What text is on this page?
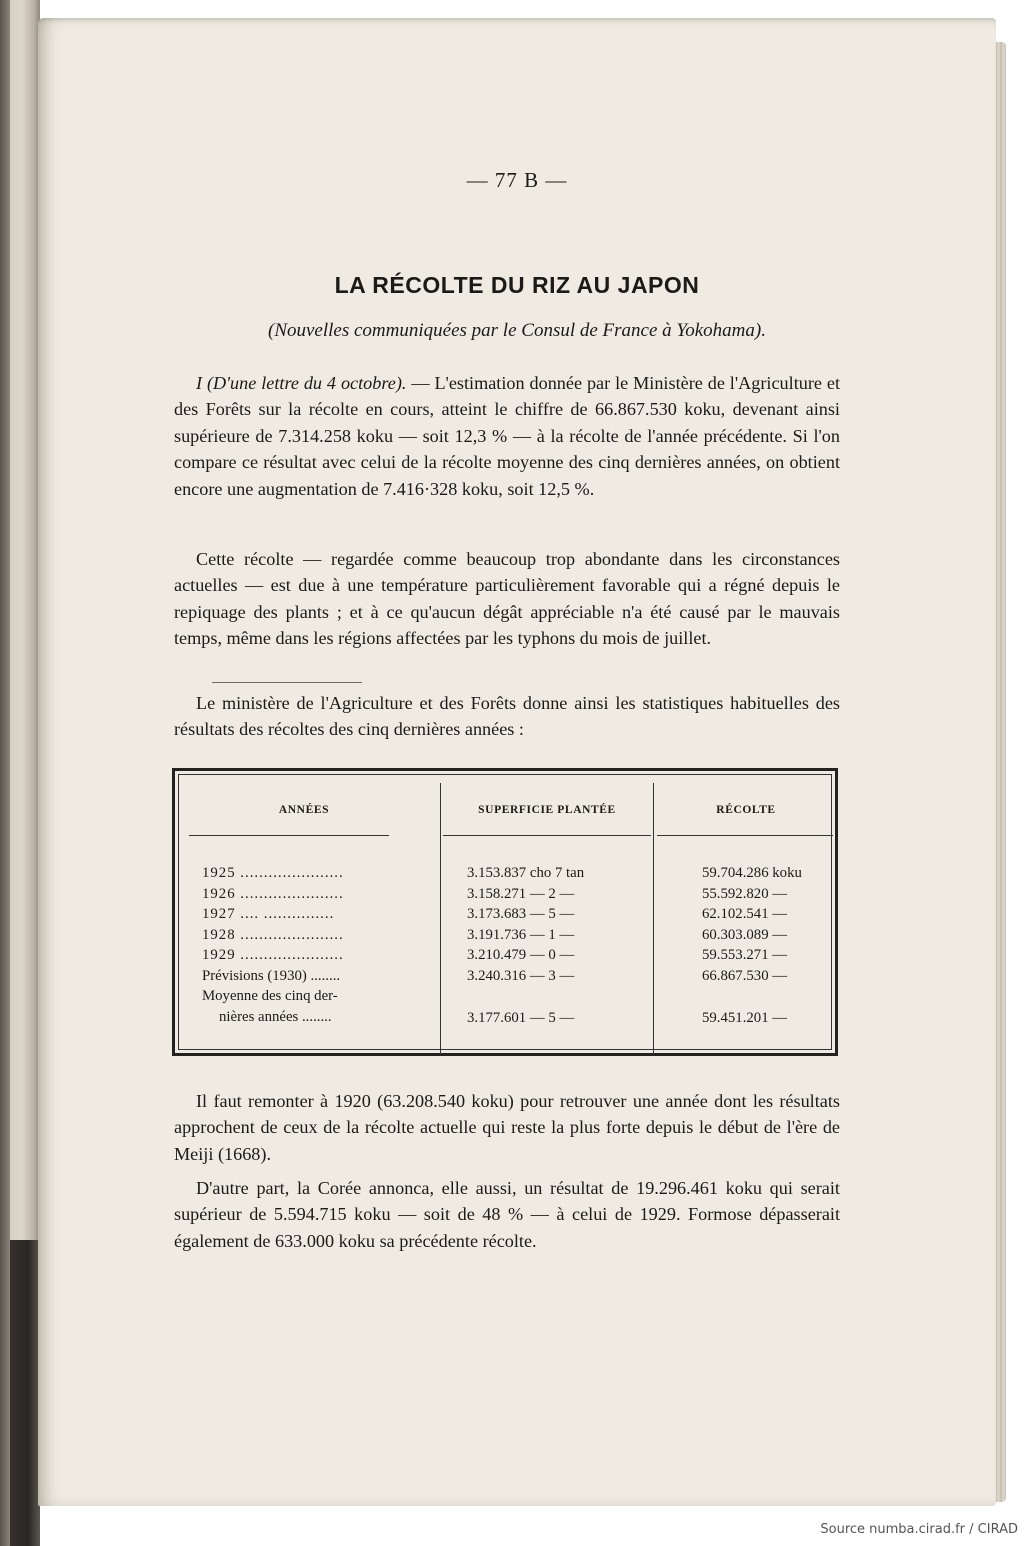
— 77 B —
LA RÉCOLTE DU RIZ AU JAPON
(Nouvelles communiquées par le Consul de France à Yokohama).

I (D'une lettre du 4 octobre). — L'estimation donnée par le Ministère de l'Agriculture et des Forêts sur la récolte en cours, atteint le chiffre de 66.867.530 koku, devenant ainsi supérieure de 7.314.258 koku — soit 12,3 % — à la récolte de l'année précédente. Si l'on compare ce résultat avec celui de la récolte moyenne des cinq dernières années, on obtient encore une augmentation de 7.416·328 koku, soit 12,5 %.

Cette récolte — regardée comme beaucoup trop abondante dans les circonstances actuelles — est due à une température particulièrement favorable qui a régné depuis le repiquage des plants ; et à ce qu'aucun dégât appréciable n'a été causé par le mauvais temps, même dans les régions affectées par les typhons du mois de juillet.

Le ministère de l'Agriculture et des Forêts donne ainsi les statistiques habituelles des résultats des récoltes des cinq dernières années :

ANNÉES	SUPERFICIE PLANTÉE	RÉCOLTE
1925 ......................	3.153.837 cho 7 tan	59.704.286 koku
1926 ......................	3.158.271 — 2 —	55.592.820 —
1927 .... ...............	3.173.683 — 5 —	62.102.541 —
1928 ......................	3.191.736 — 1 —	60.303.089 —
1929 ......................	3.210.479 — 0 —	59.553.271 —
Prévisions (1930) ........	3.240.316 — 3 —	66.867.530 —
Moyenne des cinq der-
nières années ........	3.177.601 — 5 —	59.451.201 —

Il faut remonter à 1920 (63.208.540 koku) pour retrouver une année dont les résultats approchent de ceux de la récolte actuelle qui reste la plus forte depuis le début de l'ère de Meiji (1668).

D'autre part, la Corée annonca, elle aussi, un résultat de 19.296.461 koku qui serait supérieur de 5.594.715 koku — soit de 48 % — à celui de 1929. Formose dépasserait également de 633.000 koku sa précédente récolte.

Source numba.cirad.fr / CIRAD
